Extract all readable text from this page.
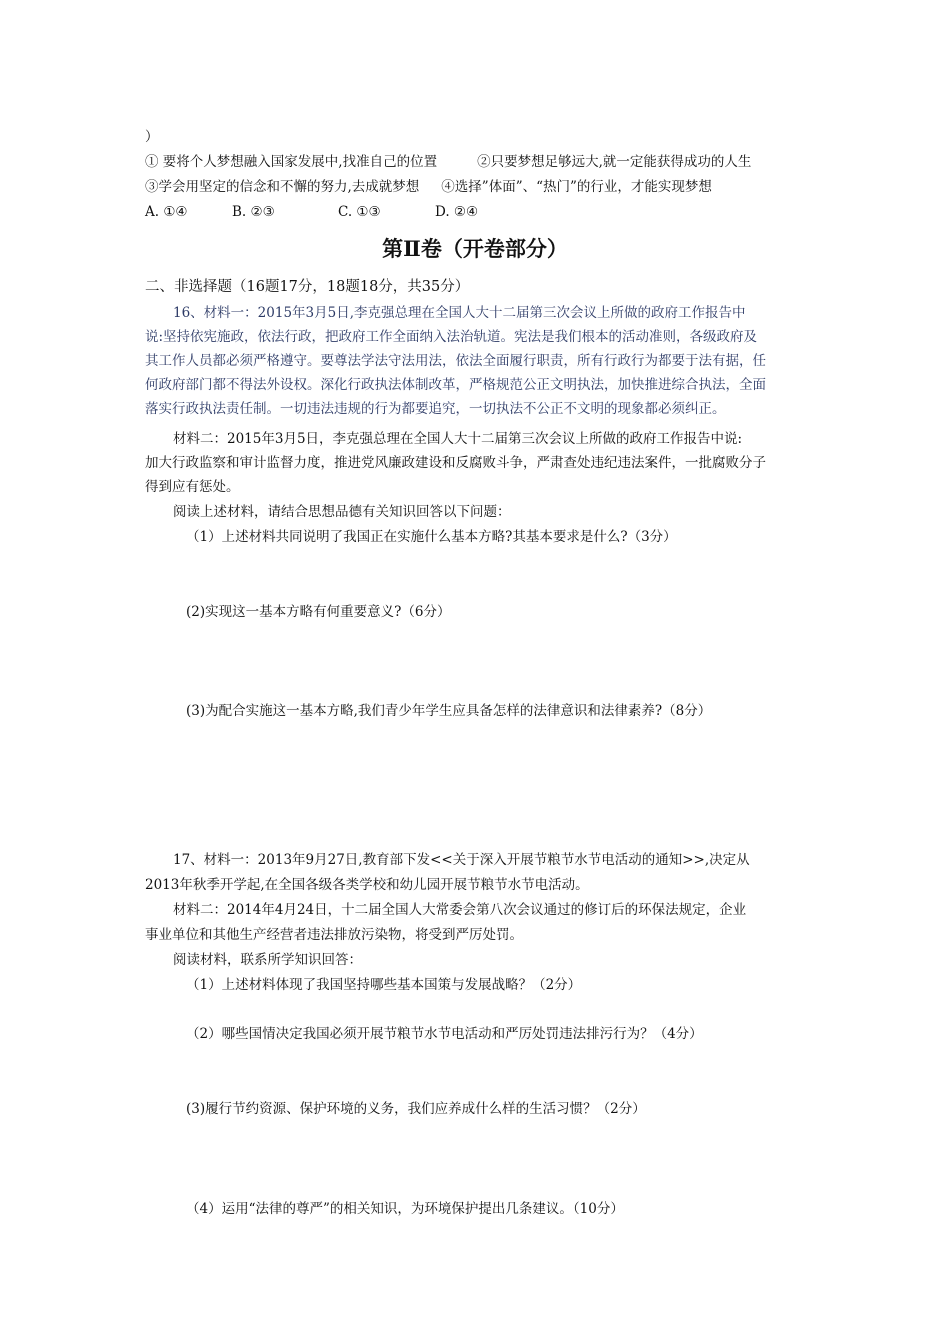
）
① 要将个人梦想融入国家发展中,找准自己的位置	②只要梦想足够远大,就一定能获得成功的人生
③学会用坚定的信念和不懈的努力,去成就梦想 ④选择”体面”、“热门”的行业，才能实现梦想
A. ①④	B. ②③	C. ①③	D. ②④
第Ⅱ卷（开卷部分）
二、非选择题（16题17分，18题18分，共35分）
16、材料一：2015年3月5日,李克强总理在全国人大十二届第三次会议上所做的政府工作报告中
说:坚持依宪施政，依法行政，把政府工作全面纳入法治轨道。宪法是我们根本的活动准则，各级政府及
其工作人员都必须严格遵守。要尊法学法守法用法，依法全面履行职责，所有行政行为都要于法有据，任
何政府部门都不得法外设权。深化行政执法体制改革，严格规范公正文明执法，加快推进综合执法，全面
落实行政执法责任制。一切违法违规的行为都要追究，一切执法不公正不文明的现象都必须纠正。
材料二：2015年3月5日，李克强总理在全国人大十二届第三次会议上所做的政府工作报告中说:
加大行政监察和审计监督力度，推进党风廉政建设和反腐败斗争，严肃查处违纪违法案件，一批腐败分子
得到应有惩处。
阅读上述材料，请结合思想品德有关知识回答以下问题：
（1）上述材料共同说明了我国正在实施什么基本方略?其基本要求是什么?（3分）
(2)实现这一基本方略有何重要意义?（6分）
(3)为配合实施这一基本方略,我们青少年学生应具备怎样的法律意识和法律素养?（8分）
17、材料一：2013年9月27日,教育部下发<<关于深入开展节粮节水节电活动的通知>>,决定从
2013年秋季开学起,在全国各级各类学校和幼儿园开展节粮节水节电活动。
材料二：2014年4月24日，十二届全国人大常委会第八次会议通过的修订后的环保法规定，企业
事业单位和其他生产经营者违法排放污染物，将受到严厉处罚。
阅读材料，联系所学知识回答：
（1）上述材料体现了我国坚持哪些基本国策与发展战略？（2分）
（2）哪些国情决定我国必须开展节粮节水节电活动和严厉处罚违法排污行为？（4分）
(3)履行节约资源、保护环境的义务，我们应养成什么样的生活习惯？（2分）
（4）运用“法律的尊严”的相关知识，为环境保护提出几条建议。（10分）
